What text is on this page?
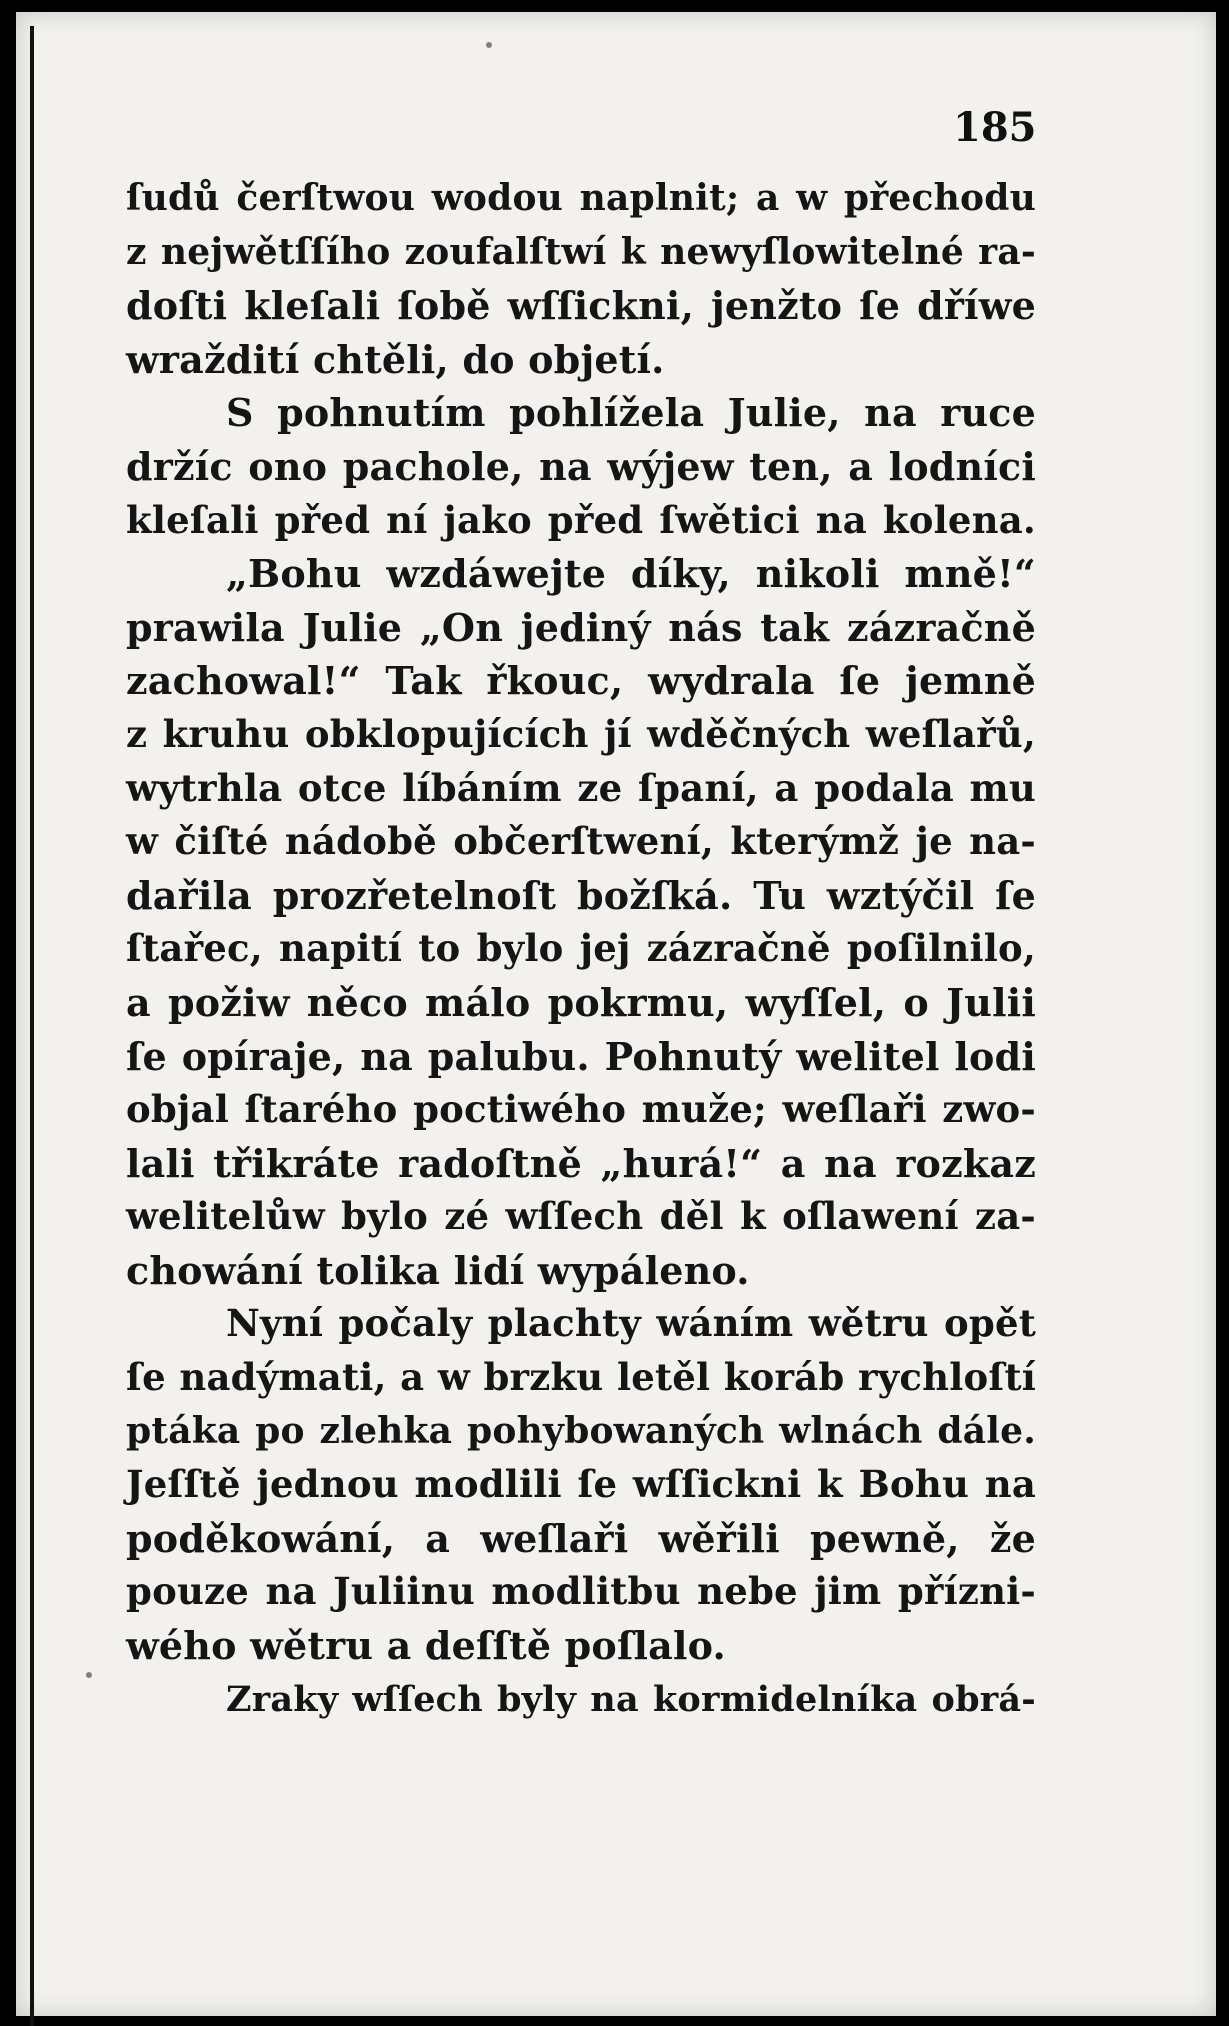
185
ſudů čerſtwou wodou naplnit; a w přechodu
z nejwětſſího zoufalſtwí k newyſlowitelné ra-
doſti kleſali ſobě wſſickni, jenžto ſe dříwe
wraždití chtěli, do objetí.
S pohnutím pohlížela Julie, na ruce
držíc ono pachole, na wýjew ten, a lodníci
kleſali před ní jako před ſwětici na kolena.
„Bohu wzdáwejte díky, nikoli mně!“
prawila Julie „On jediný nás tak zázračně
zachowal!“ Tak řkouc, wydrala ſe jemně
z kruhu obklopujících jí wděčných weſlařů,
wytrhla otce líbáním ze ſpaní, a podala mu
w čiſté nádobě občerſtwení, kterýmž je na-
dařila prozřetelnoſt božſká. Tu wztýčil ſe
ſtařec, napití to bylo jej zázračně poſilnilo,
a požiw něco málo pokrmu, wyſſel, o Julii
ſe opíraje, na palubu. Pohnutý welitel lodi
objal ſtarého poctiwého muže; weſlaři zwo-
lali třikráte radoſtně „hurá!“ a na rozkaz
welitelůw bylo zé wſſech děl k oſlawení za-
chowání tolika lidí wypáleno.
Nyní počaly plachty wáním wětru opět
ſe nadýmati, a w brzku letěl koráb rychloſtí
ptáka po zlehka pohybowaných wlnách dále.
Jeſſtě jednou modlili ſe wſſickni k Bohu na
poděkowání, a weſlaři wěřili pewně, že
pouze na Juliinu modlitbu nebe jim přízni-
wého wětru a deſſtě poſlalo.
Zraky wſſech byly na kormidelníka obrá-
